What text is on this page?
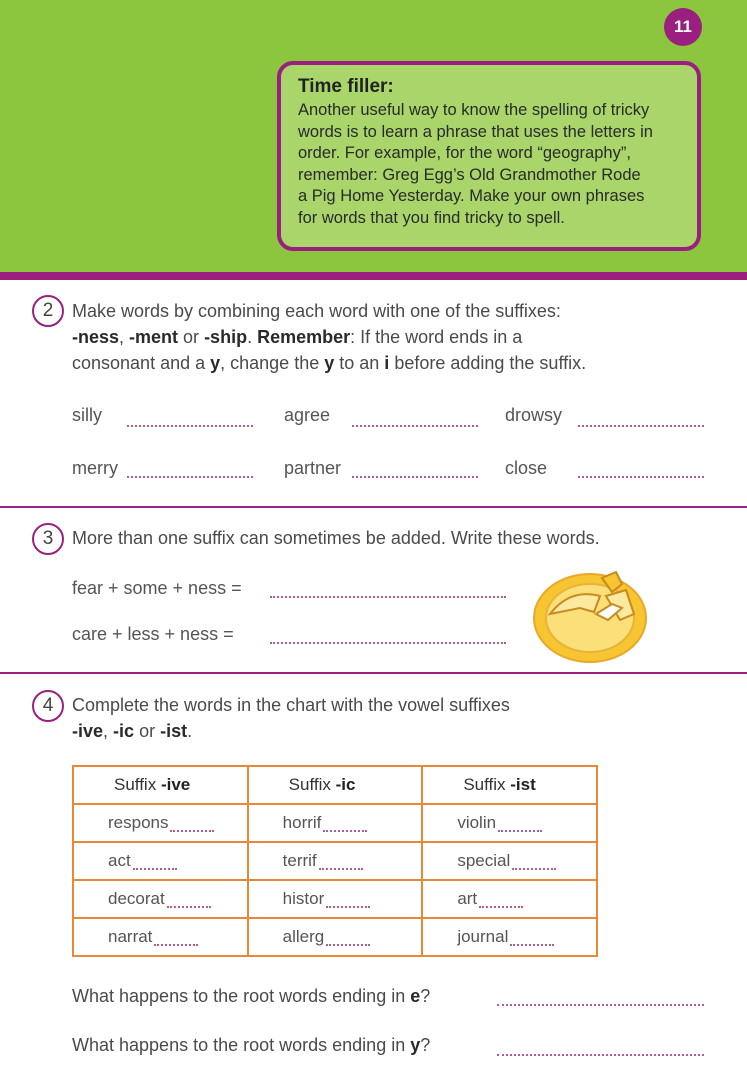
11
Time filler:
Another useful way to know the spelling of tricky
words is to learn a phrase that uses the letters in
order. For example, for the word “geography”,
remember: Greg Egg’s Old Grandmother Rode
a Pig Home Yesterday. Make your own phrases
for words that you find tricky to spell.
2	Make words by combining each word with one of the suffixes:
-ness, -ment or -ship. Remember: If the word ends in a
consonant and a y, change the y to an i before adding the suffix.
silly	agree	drowsy
merry	partner	close
3	More than one suffix can sometimes be added. Write these words.
fear + some + ness =
care + less + ness =
4	Complete the words in the chart with the vowel suffixes
-ive, -ic or -ist.
Suffix -ive	Suffix -ic	Suffix -ist
respons	horrif	violin
act	terrif	special
decorat	histor	art
narrat	allerg	journal
What happens to the root words ending in e?
What happens to the root words ending in y?
